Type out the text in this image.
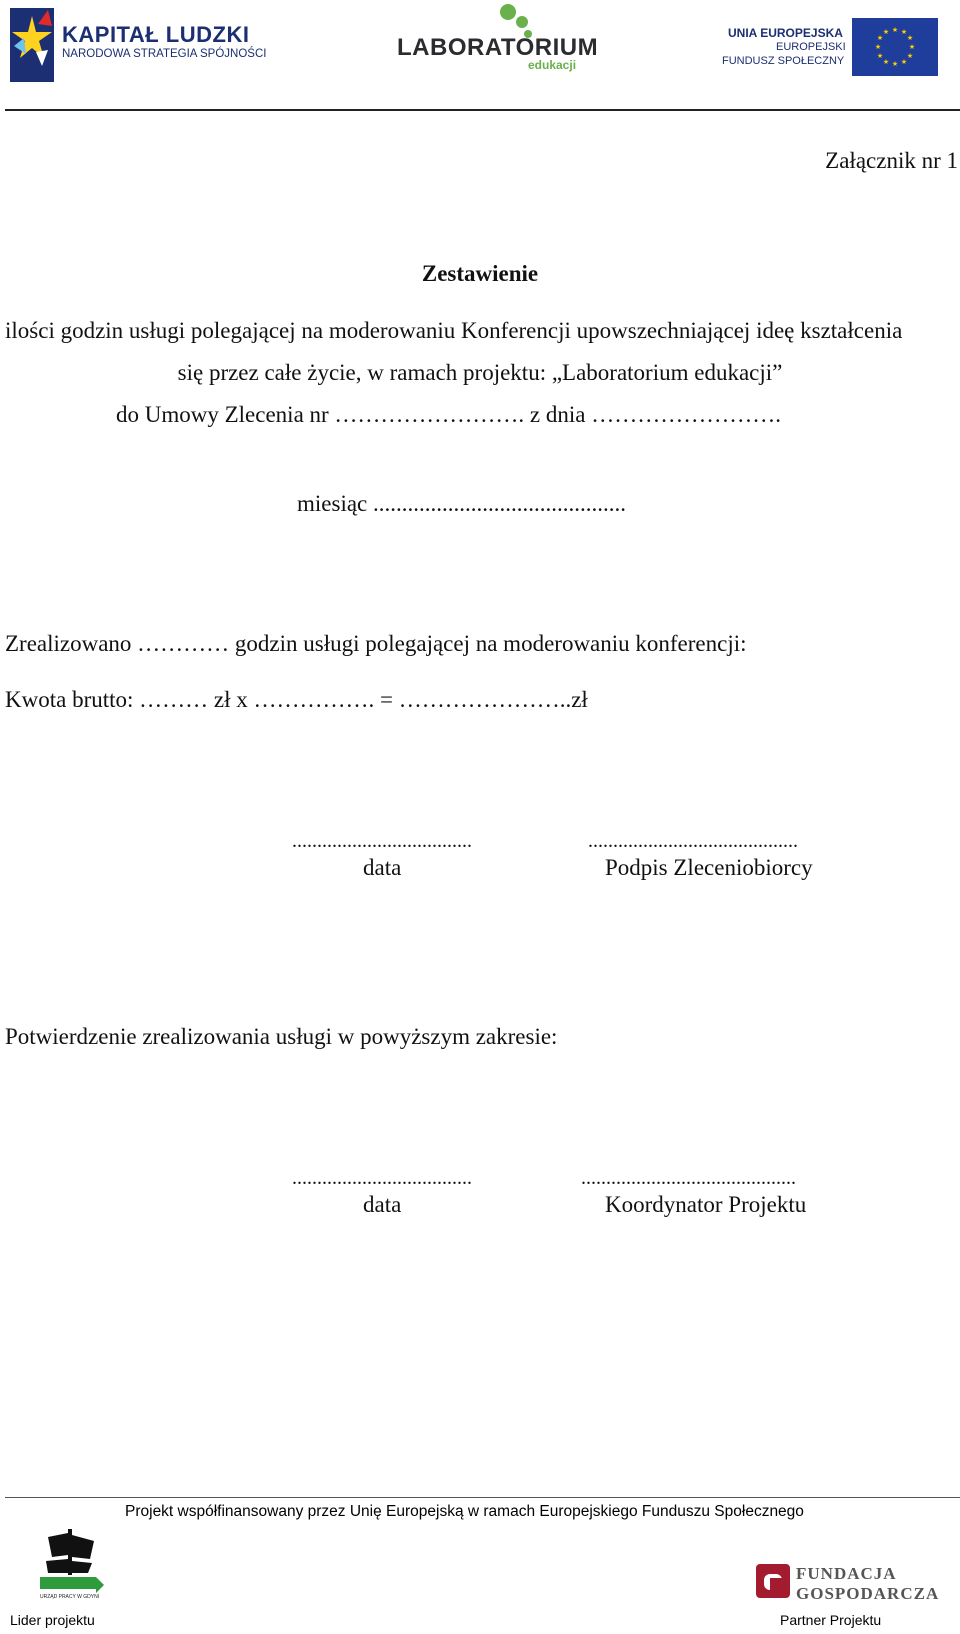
KAPITAŁ LUDZKI
NARODOWA STRATEGIA SPÓJNOŚCI	LABORATORIUM
edukacji
UNIA EUROPEJSKA
EUROPEJSKI
FUNDUSZ SPOŁECZNY
★ ★
★
★
★
★
★
★
★
★
★
★
Załącznik nr 1
Zestawienie
ilości godzin usługi polegającej na moderowaniu Konferencji upowszechniającej ideę kształcenia
się przez całe życie, w ramach projektu: „Laboratorium edukacji”
do Umowy Zlecenia nr ……………………. z dnia …………………….
miesiąc ............................................
Zrealizowano ………… godzin usługi polegającej na moderowaniu konferencji:
Kwota brutto: ……… zł x ……………. = …………………..zł
....................................	..........................................
data	Podpis Zleceniobiorcy
Potwierdzenie zrealizowania usługi w powyższym zakresie:
....................................	...........................................
data	Koordynator Projektu
Projekt współfinansowany przez Unię Europejską w ramach Europejskiego Funduszu Społecznego
URZĄD PRACY W GDYNI
Lider projektu
FUNDACJA
GOSPODARCZA
Partner Projektu
